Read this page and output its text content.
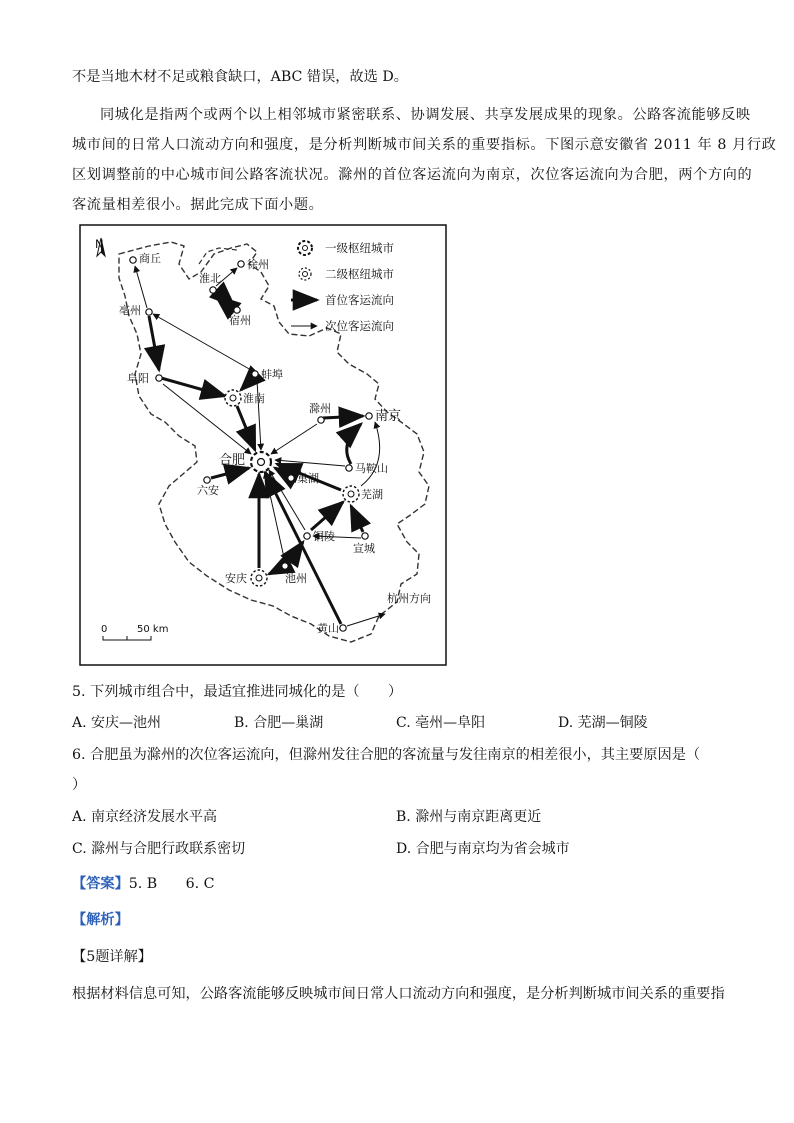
不是当地木材不足或粮食缺口，ABC 错误，故选 D。
同城化是指两个或两个以上相邻城市紧密联系、协调发展、共享发展成果的现象。公路客流能够反映
城市间的日常人口流动方向和强度，是分析判断城市间关系的重要指标。下图示意安徽省 2011 年 8 月行政
区划调整前的中心城市间公路客流状况。滁州的首位客运流向为南京，次位客运流向为合肥，两个方向的
客流量相差很小。据此完成下面小题。
N	一级枢纽城市
二级枢纽城市
首位客运流向
次位客运流向
商丘	徐州
淮北
宿州
亳州
蚌埠
阜阳
淮南
滁州
南京
合肥
马鞍山
六安
巢湖
芜湖
宣城
铜陵
安庆	池州
杭州方向
黄山
0	50 km
5. 下列城市组合中，最适宜推进同城化的是（　　）
A. 安庆—池州	B. 合肥—巢湖	C. 亳州—阜阳	D. 芜湖—铜陵
6. 合肥虽为滁州的次位客运流向，但滁州发往合肥的客流量与发往南京的相差很小，其主要原因是（
）
A. 南京经济发展水平高	B. 滁州与南京距离更近
C. 滁州与合肥行政联系密切	D. 合肥与南京均为省会城市
【答案】5. B　　6. C
【解析】
【5题详解】
根据材料信息可知，公路客流能够反映城市间日常人口流动方向和强度，是分析判断城市间关系的重要指
